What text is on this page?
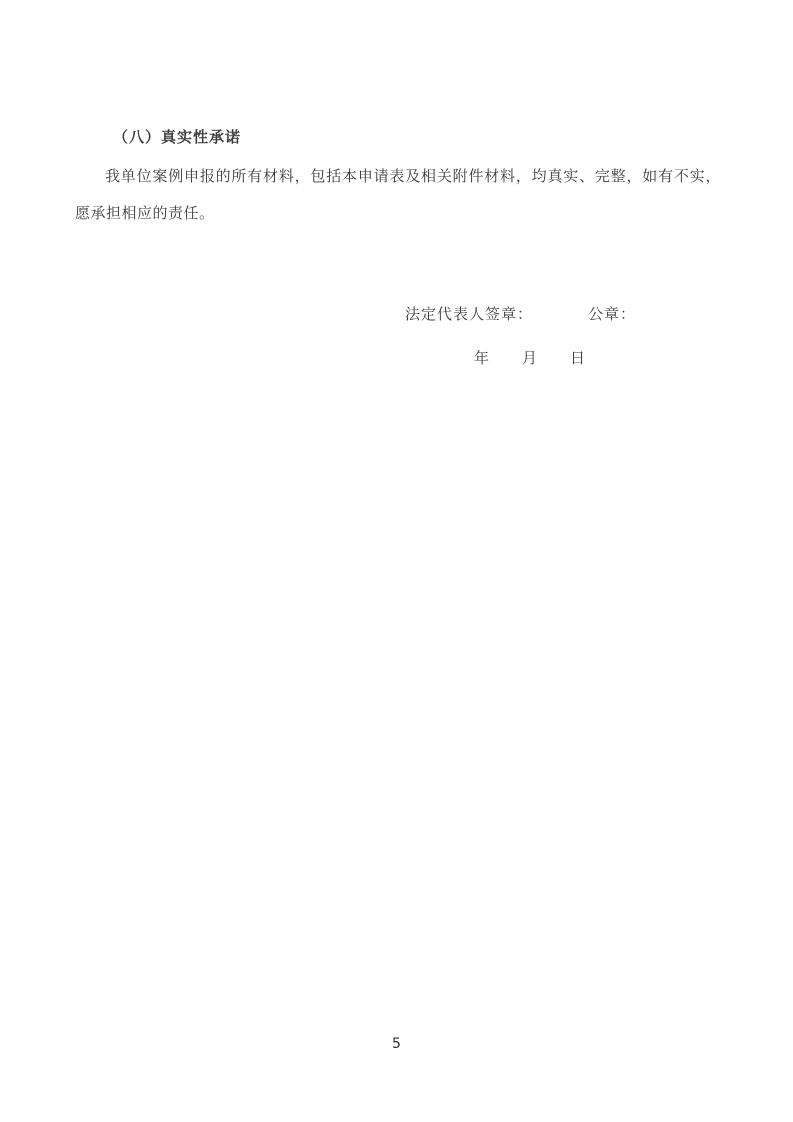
（八）真实性承诺

我单位案例申报的所有材料，包括本申请表及相关附件材料，均真实、完整，如有不实，愿承担相应的责任。

法定代表人签章：	公章：
年　　月　　日
5
